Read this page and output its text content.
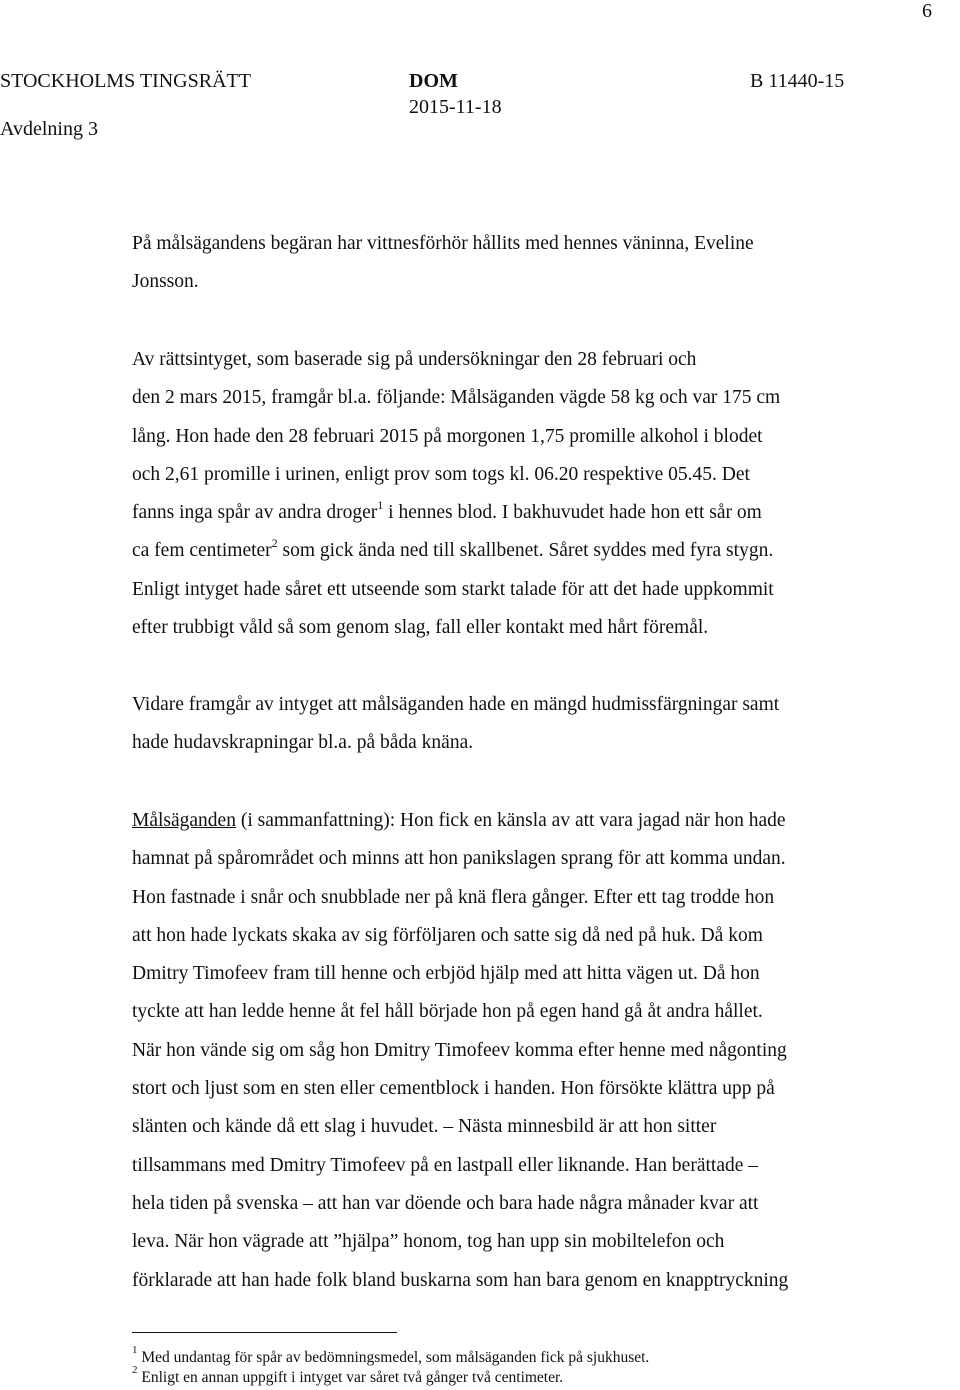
6
STOCKHOLMS TINGSRÄTT
Avdelning 3
DOM
2015-11-18
B 11440-15
På målsägandens begäran har vittnesförhör hållits med hennes väninna, Eveline
Jonsson.
Av rättsintyget, som baserade sig på undersökningar den 28 februari och
den 2 mars 2015, framgår bl.a. följande: Målsäganden vägde 58 kg och var 175 cm
lång. Hon hade den 28 februari 2015 på morgonen 1,75 promille alkohol i blodet
och 2,61 promille i urinen, enligt prov som togs kl. 06.20 respektive 05.45. Det
fanns inga spår av andra droger$^1$ i hennes blod. I bakhuvudet hade hon ett sår om
ca fem centimeter$^2$ som gick ända ned till skallbenet. Såret syddes med fyra stygn.
Enligt intyget hade såret ett utseende som starkt talade för att det hade uppkommit
efter trubbigt våld så som genom slag, fall eller kontakt med hårt föremål.
Vidare framgår av intyget att målsäganden hade en mängd hudmissfärgningar samt
hade hudavskrapningar bl.a. på båda knäna.
Målsäganden (i sammanfattning): Hon fick en känsla av att vara jagad när hon hade
hamnat på spårområdet och minns att hon panikslagen sprang för att komma undan.
Hon fastnade i snår och snubblade ner på knä flera gånger. Efter ett tag trodde hon
att hon hade lyckats skaka av sig förföljaren och satte sig då ned på huk. Då kom
Dmitry Timofeev fram till henne och erbjöd hjälp med att hitta vägen ut. Då hon
tyckte att han ledde henne åt fel håll började hon på egen hand gå åt andra hållet.
När hon vände sig om såg hon Dmitry Timofeev komma efter henne med någonting
stort och ljust som en sten eller cementblock i handen. Hon försökte klättra upp på
slänten och kände då ett slag i huvudet. – Nästa minnesbild är att hon sitter
tillsammans med Dmitry Timofeev på en lastpall eller liknande. Han berättade –
hela tiden på svenska – att han var döende och bara hade några månader kvar att
leva. När hon vägrade att ”hjälpa” honom, tog han upp sin mobiltelefon och
förklarade att han hade folk bland buskarna som han bara genom en knapptryckning
$^1$ Med undantag för spår av bedömningsmedel, som målsäganden fick på sjukhuset.
$^2$ Enligt en annan uppgift i intyget var såret två gånger två centimeter.
